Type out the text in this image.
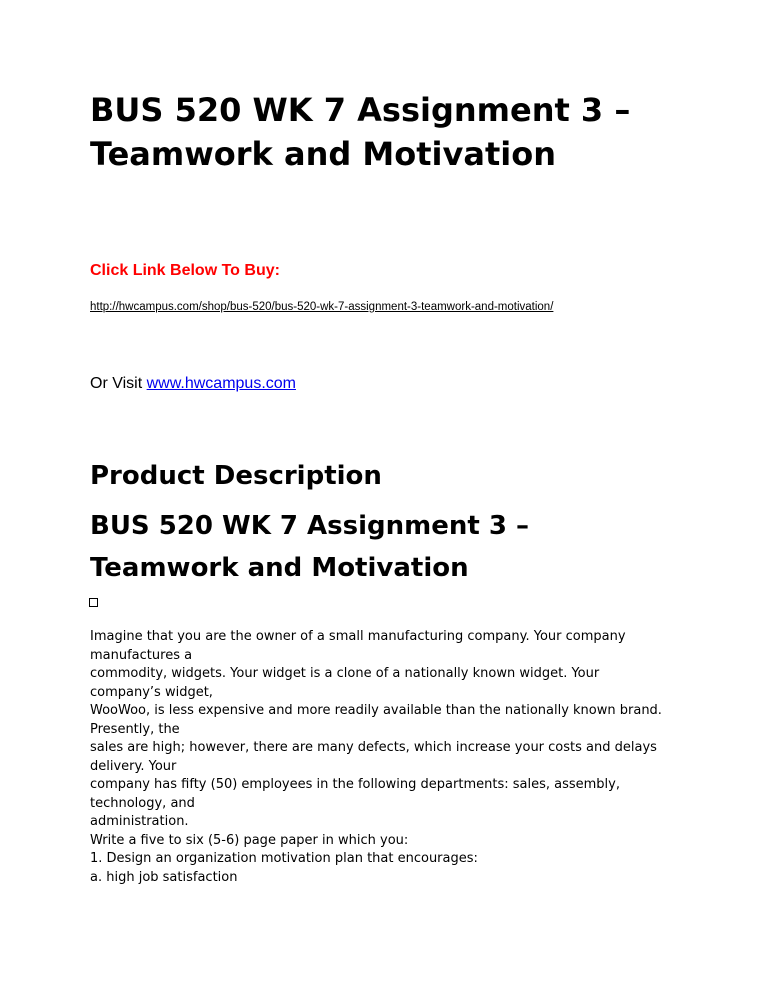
BUS 520 WK 7 Assignment 3 –
Teamwork and Motivation

Click Link Below To Buy:

http://hwcampus.com/shop/bus-520/bus-520-wk-7-assignment-3-teamwork-and-motivation/

Or Visit www.hwcampus.com

Product Description
BUS 520 WK 7 Assignment 3 –
Teamwork and Motivation
Imagine that you are the owner of a small manufacturing company. Your company
manufactures a
commodity, widgets. Your widget is a clone of a nationally known widget. Your
company’s widget,
WooWoo, is less expensive and more readily available than the nationally known brand.
Presently, the
sales are high; however, there are many defects, which increase your costs and delays
delivery. Your
company has fifty (50) employees in the following departments: sales, assembly,
technology, and
administration.
Write a five to six (5-6) page paper in which you:
1. Design an organization motivation plan that encourages:
a. high job satisfaction
